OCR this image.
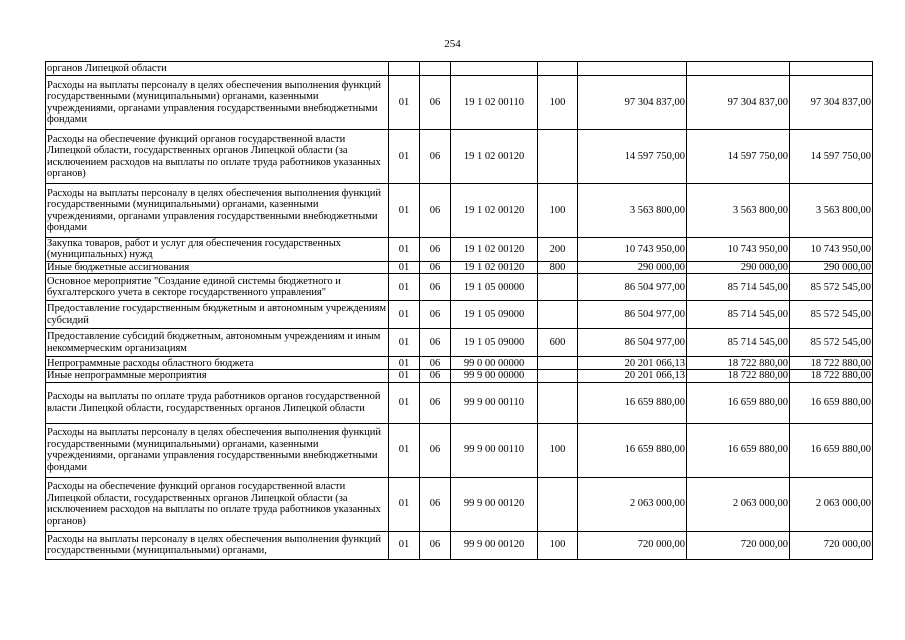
254
органов Липецкой области							
Расходы на выплаты персоналу в целях обеспечения выполнения функций государственными (муниципальными) органами, казенными учреждениями, органами управления государственными внебюджетными фондами	01	06	19 1 02 00110	100	97 304 837,00	97 304 837,00	97 304 837,00
Расходы на обеспечение функций органов государственной власти Липецкой области, государственных органов Липецкой области (за исключением расходов на выплаты по оплате труда работников указанных органов)	01	06	19 1 02 00120		14 597 750,00	14 597 750,00	14 597 750,00
Расходы на выплаты персоналу в целях обеспечения выполнения функций государственными (муниципальными) органами, казенными учреждениями, органами управления государственными внебюджетными фондами	01	06	19 1 02 00120	100	3 563 800,00	3 563 800,00	3 563 800,00
Закупка товаров, работ и услуг для обеспечения государственных (муниципальных) нужд	01	06	19 1 02 00120	200	10 743 950,00	10 743 950,00	10 743 950,00
Иные бюджетные ассигнования	01	06	19 1 02 00120	800	290 000,00	290 000,00	290 000,00
Основное мероприятие "Создание единой системы бюджетного и бухгалтерского учета в секторе государственного управления"	01	06	19 1 05 00000		86 504 977,00	85 714 545,00	85 572 545,00
Предоставление государственным бюджетным и автономным учреждениям субсидий	01	06	19 1 05 09000		86 504 977,00	85 714 545,00	85 572 545,00
Предоставление субсидий бюджетным, автономным учреждениям и иным некоммерческим организациям	01	06	19 1 05 09000	600	86 504 977,00	85 714 545,00	85 572 545,00
Непрограммные расходы областного бюджета	01	06	99 0 00 00000		20 201 066,13	18 722 880,00	18 722 880,00
Иные непрограммные мероприятия	01	06	99 9 00 00000		20 201 066,13	18 722 880,00	18 722 880,00
Расходы на выплаты по оплате труда работников органов государственной власти Липецкой области, государственных органов Липецкой области	01	06	99 9 00 00110		16 659 880,00	16 659 880,00	16 659 880,00
Расходы на выплаты персоналу в целях обеспечения выполнения функций государственными (муниципальными) органами, казенными учреждениями, органами управления государственными внебюджетными фондами	01	06	99 9 00 00110	100	16 659 880,00	16 659 880,00	16 659 880,00
Расходы на обеспечение функций органов государственной власти Липецкой области, государственных органов Липецкой области (за исключением расходов на выплаты по оплате труда работников указанных органов)	01	06	99 9 00 00120		2 063 000,00	2 063 000,00	2 063 000,00
Расходы на выплаты персоналу в целях обеспечения выполнения функций государственными (муниципальными) органами,	01	06	99 9 00 00120	100	720 000,00	720 000,00	720 000,00
